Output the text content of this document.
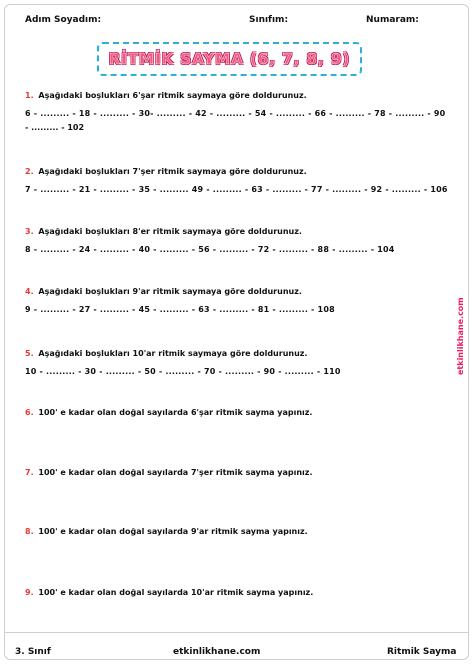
Adım Soyadım:	Sınıfım:	Numaram:
RİTMİK SAYMA (6, 7, 8, 9)
1. Aşağıdaki boşlukları 6'şar ritmik saymaya göre doldurunuz.
6 - ......... - 18 - ......... - 30- ......... - 42 - ......... - 54 - ......... - 66 - ......... - 78 - ......... - 90
- ......... - 102
2. Aşağıdaki boşlukları 7'şer ritmik saymaya göre doldurunuz.
7 - ......... - 21 - ......... - 35 - ......... 49 - ......... - 63 - ......... - 77 - ......... - 92 - ......... - 106
3. Aşağıdaki boşlukları 8'er ritmik saymaya göre doldurunuz.
8 - ......... - 24 - ......... - 40 - ......... - 56 - ......... - 72 - ......... - 88 - ......... - 104
4. Aşağıdaki boşlukları 9'ar ritmik saymaya göre doldurunuz.
9 - ......... - 27 - ......... - 45 - ......... - 63 - ......... - 81 - ......... - 108
5. Aşağıdaki boşlukları 10'ar ritmik saymaya göre doldurunuz.
10 - ......... - 30 - ......... - 50 - ......... - 70 - ......... - 90 - ......... - 110
6. 100' e kadar olan doğal sayılarda 6'şar ritmik sayma yapınız.
7. 100' e kadar olan doğal sayılarda 7'şer ritmik sayma yapınız.
8. 100' e kadar olan doğal sayılarda 9'ar ritmik sayma yapınız.
9. 100' e kadar olan doğal sayılarda 10'ar ritmik sayma yapınız.
etkinlikhane.com
3. Sınıf	etkinlikhane.com	Ritmik Sayma
